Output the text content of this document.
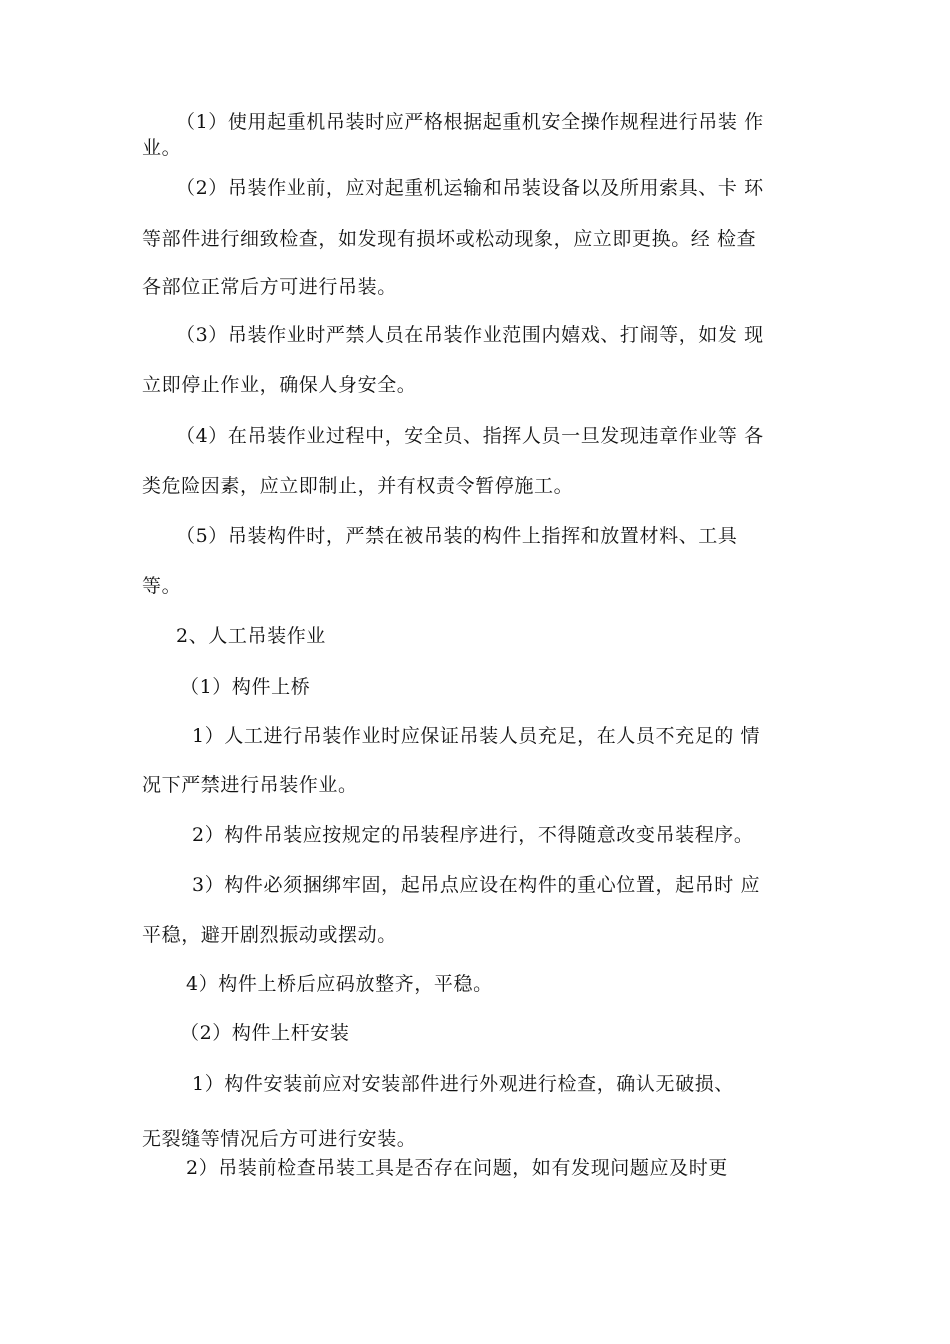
（1）使用起重机吊装时应严格根据起重机安全操作规程进行吊装 作
业。
（2）吊装作业前，应对起重机运输和吊装设备以及所用索具、卡 环
等部件进行细致检查，如发现有损坏或松动现象，应立即更换。经 检查
各部位正常后方可进行吊装。
（3）吊装作业时严禁人员在吊装作业范围内嬉戏、打闹等，如发 现
立即停止作业，确保人身安全。
（4）在吊装作业过程中，安全员、指挥人员一旦发现违章作业等 各
类危险因素，应立即制止，并有权责令暂停施工。
（5）吊装构件时，严禁在被吊装的构件上指挥和放置材料、工具
等。
2、人工吊装作业
（1）构件上桥
1）人工进行吊装作业时应保证吊装人员充足，在人员不充足的 情
况下严禁进行吊装作业。
2）构件吊装应按规定的吊装程序进行，不得随意改变吊装程序。
3）构件必须捆绑牢固，起吊点应设在构件的重心位置，起吊时 应
平稳，避开剧烈振动或摆动。
4）构件上桥后应码放整齐，平稳。
（2）构件上杆安装
1）构件安装前应对安装部件进行外观进行检查，确认无破损、
无裂缝等情况后方可进行安装。
2）吊装前检查吊装工具是否存在问题，如有发现问题应及时更
